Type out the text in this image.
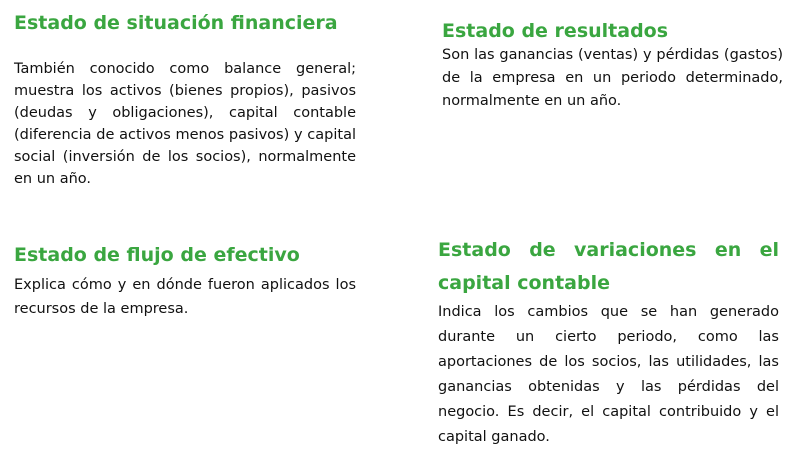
Estado de situación financiera

También conocido como balance general; muestra los activos (bienes propios), pasivos (deudas y obligaciones), capital contable (diferencia de activos menos pasivos) y capital social (inversión de los socios), normalmente en un año.

Estado de resultados

Son las ganancias (ventas) y pérdidas (gastos) de la empresa en un periodo determinado, normalmente en un año.

Estado de flujo de efectivo

Explica cómo y en dónde fueron aplicados los recursos de la empresa.

Estado de variaciones en el capital contable

Indica los cambios que se han generado durante un cierto periodo, como las aportaciones de los socios, las utilidades, las ganancias obtenidas y las pérdidas del negocio. Es decir, el capital contribuido y el capital ganado.
